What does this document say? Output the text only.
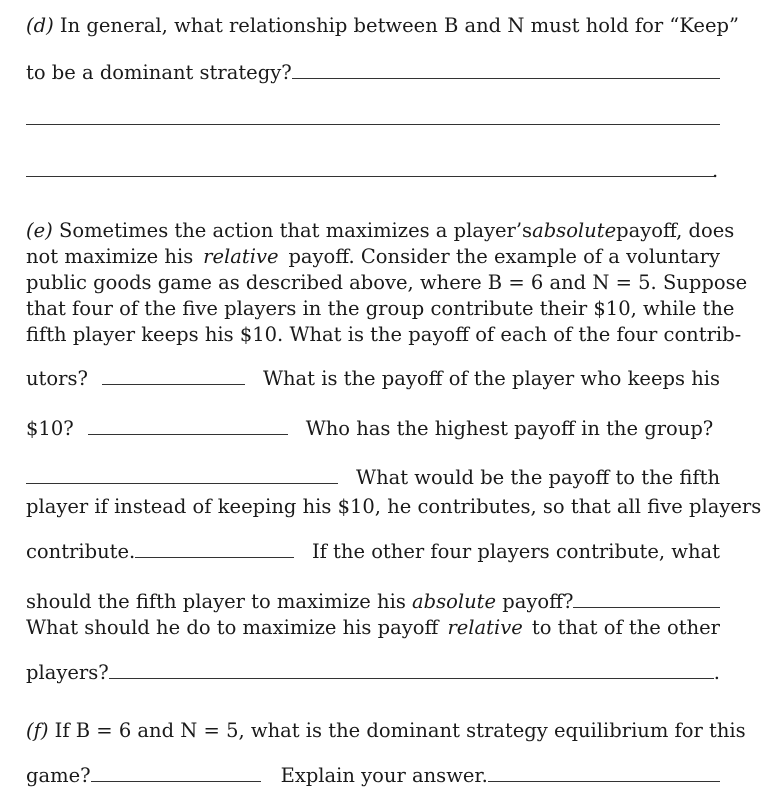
(d) In general, what relationship between B and N must hold for “Keep”
to be a dominant strategy?
.
(e) Sometimes the action that maximizes a player’s absolute payoff, does
not maximize his relative payoff. Consider the example of a voluntary
public goods game as described above, where B = 6 and N = 5. Suppose
that four of the five players in the group contribute their $10, while the
fifth player keeps his $10. What is the payoff of each of the four contrib-
utors?	What is the payoff of the player who keeps his
$10?	Who has the highest payoff in the group?
What would be the payoff to the fifth
player if instead of keeping his $10, he contributes, so that all five players
contribute.	If the other four players contribute, what
should the fifth player to maximize his
absolute
payoff?
What should he do to maximize his payoff relative to that of the other
players?	.
(f) If B = 6 and N = 5, what is the dominant strategy equilibrium for this
game?	Explain your answer.
